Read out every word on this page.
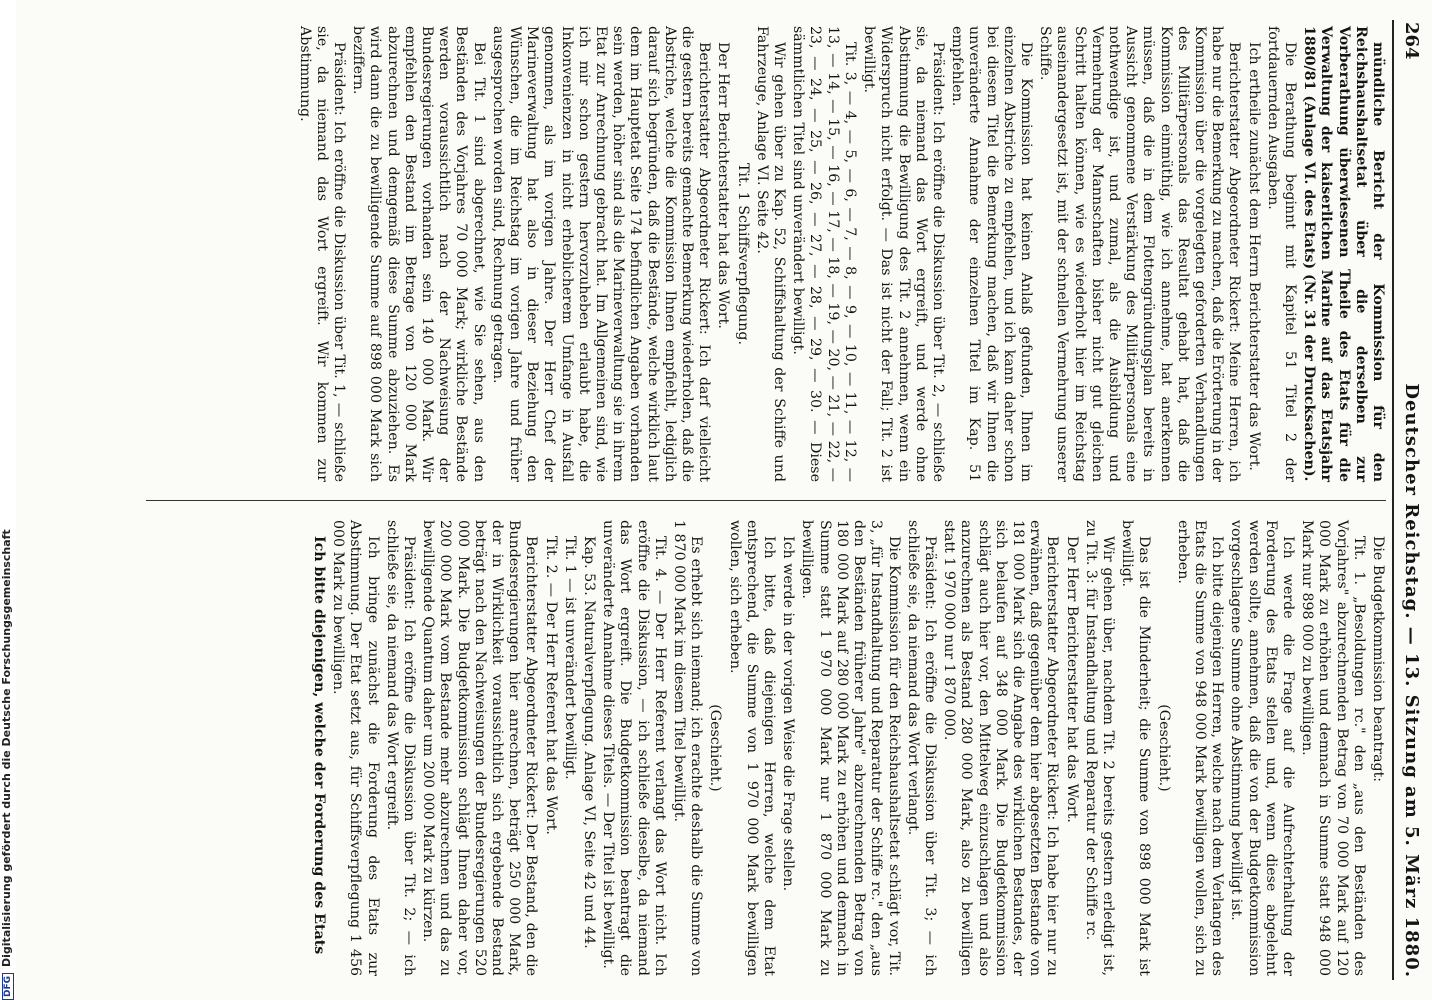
264
Deutscher Reichstag. — 13. Sitzung am 5. März 1880.

mündliche Bericht der Kommission für den Reichshaushaltsetat über die derselben zur Vorberathung überwiesenen Theile des Etats für die Verwaltung der kaiserlichen Marine auf das Etatsjahr 1880/81 (Anlage VI. des Etats) (Nr. 31 der Drucksachen).

Die Berathung beginnt mit Kapitel 51 Titel 2 der fortdauernden Ausgaben.

Ich ertheile zunächst dem Herrn Berichterstatter das Wort.

Berichterstatter Abgeordneter Rickert: Meine Herren, ich habe nur die Bemerkung zu machen, daß die Erörterung in der Kommission über die vorgelegten geforderten Verhandlungen des Militärpersonals das Resultat gehabt hat, daß die Kommission einmüthig, wie ich annehme, hat anerkennen müssen, daß die in dem Flottengründungsplan bereits in Aussicht genommene Verstärkung des Militärpersonals eine nothwendige ist, und zumal, als die Ausbildung und Vermehrung der Mannschaften bisher nicht gut gleichen Schritt halten können, wie es wiederholt hier im Reichstag auseinandergesetzt ist, mit der schnellen Vermehrung unserer Schiffe.

Die Kommission hat keinen Anlaß gefunden, Ihnen im einzelnen Abstriche zu empfehlen, und ich kann daher schon bei diesem Titel die Bemerkung machen, daß wir Ihnen die unveränderte Annahme der einzelnen Titel im Kap. 51 empfehlen.

Präsident: Ich eröffne die Diskussion über Tit. 2, — schließe sie, da niemand das Wort ergreift, und werde ohne Abstimmung die Bewilligung des Tit. 2 annehmen, wenn ein Widerspruch nicht erfolgt. — Das ist nicht der Fall; Tit. 2 ist bewilligt.

Tit. 3, — 4, — 5, — 6, — 7, — 8, — 9, — 10, — 11, — 12, — 13, — 14, — 15, — 16, — 17, — 18, — 19, — 20, — 21, — 22, — 23, — 24, — 25, — 26, — 27, — 28, — 29, — 30. — Diese sämmtlichen Titel sind unverändert bewilligt.

Wir gehen über zu Kap. 52, Schiffshaltung der Schiffe und Fahrzeuge, Anlage VI. Seite 42.

Tit. 1 Schiffsverpflegung.

Der Herr Berichterstatter hat das Wort.

Berichterstatter Abgeordneter Rickert: Ich darf vielleicht die gestern bereits gemachte Bemerkung wiederholen, daß die Abstriche, welche die Kommission Ihnen empfiehlt, lediglich darauf sich begründen, daß die Bestände, welche wirklich laut dem im Hauptetat Seite 174 befindlichen Angaben vorhanden sein werden, höher sind als die Marineverwaltung sie in ihrem Etat zur Anrechnung gebracht hat. Im Allgemeinen sind, wie ich mir schon gestern hervorzuheben erlaubt habe, die Inkonvenienzen in nicht erheblicherem Umfange in Ausfall genommen, als im vorigen Jahre. Der Herr Chef der Marineverwaltung hat also in dieser Beziehung den Wünschen, die im Reichstag im vorigen Jahre und früher ausgesprochen worden sind, Rechnung getragen.

Bei Tit. 1 sind abgerechnet, wie Sie sehen, aus den Beständen des Vorjahres 70 000 Mark; wirkliche Bestände werden voraussichtlich nach der Nachweisung der Bundesregierungen vorhanden sein 140 000 Mark. Wir empfehlen den Bestand im Betrage von 120 000 Mark abzurechnen und demgemäß diese Summe abzuziehen. Es wird dann die zu bewilligende Summe auf 898 000 Mark sich beziffern.

Präsident: Ich eröffne die Diskussion über Tit. 1, — schließe sie, da niemand das Wort ergreift. Wir kommen zur Abstimmung.

Die Budgetkommission beantragt:

Tit. 1. „Besoldungen rc." den „aus den Beständen des Vorjahres" abzurechnenden Betrag von 70 000 Mark auf 120 000 Mark zu erhöhen und demnach in Summe statt 948 000 Mark nur 898 000 zu bewilligen.

Ich werde die Frage auf die Aufrechterhaltung der Forderung des Etats stellen und, wenn diese abgelehnt werden sollte, annehmen, daß die von der Budgetkommission vorgeschlagene Summe ohne Abstimmung bewilligt ist.

Ich bitte diejenigen Herren, welche nach dem Verlangen des Etats die Summe von 948 000 Mark bewilligen wollen, sich zu erheben.

(Geschieht.)

Das ist die Minderheit; die Summe von 898 000 Mark ist bewilligt.

Wir gehen über, nachdem Tit. 2 bereits gestern erledigt ist, zu Tit. 3: für Instandhaltung und Reparatur der Schiffe rc.

Der Herr Berichterstatter hat das Wort.

Berichterstatter Abgeordneter Rickert: Ich habe hier nur zu erwähnen, daß gegenüber dem hier abgesetzten Bestande von 181 000 Mark sich die Angabe des wirklichen Bestandes, der sich belaufen auf 348 000 Mark. Die Budgetkommission schlägt auch hier vor, den Mittelweg einzuschlagen und also anzurechnen als Bestand 280 000 Mark, also zu bewilligen statt 1 970 000 nur 1 870 000.

Präsident: Ich eröffne die Diskussion über Tit. 3; — ich schließe sie, da niemand das Wort verlangt.

Die Kommission für den Reichshaushaltsetat schlägt vor, Tit. 3, „für Instandhaltung und Reparatur der Schiffe rc." den „aus den Beständen früherer Jahre" abzurechnenden Betrag von 180 000 Mark auf 280 000 Mark zu erhöhen und demnach in Summe statt 1 970 000 Mark nur 1 870 000 Mark zu bewilligen.

Ich werde in der vorigen Weise die Frage stellen.

Ich bitte, daß diejenigen Herren, welche dem Etat entsprechend, die Summe von 1 970 000 Mark bewilligen wollen, sich erheben.

(Geschieht.)

Es erhebt sich niemand; ich erachte deshalb die Summe von 1 870 000 Mark im diesem Titel bewilligt.

Tit. 4. — Der Herr Referent verlangt das Wort nicht. Ich eröffne die Diskussion, — ich schließe dieselbe, da niemand das Wort ergreift. Die Budgetkommission beantragt die unveränderte Annahme dieses Titels. — Der Titel ist bewilligt.

Kap. 53. Naturalverpflegung. Anlage VI, Seite 42 und 44.

Tit. 1 — ist unverändert bewilligt.

Tit. 2. — Der Herr Referent hat das Wort.

Berichterstatter Abgeordneter Rickert: Der Bestand, den die Bundesregierungen hier anrechnen, beträgt 250 000 Mark, der in Wirklichkeit voraussichtlich sich ergebende Bestand beträgt nach den Nachweisungen der Bundesregierungen 520 000 Mark. Die Budgetkommission schlägt Ihnen daher vor, 200 000 Mark vom Bestande mehr abzurechnen und das zu bewilligende Quantum daher um 200 000 Mark zu kürzen.

Präsident: Ich eröffne die Diskussion über Tit. 2; — ich schließe sie, da niemand das Wort ergreift.

Ich bringe zunächst die Forderung des Etats zur Abstimmung. Der Etat setzt aus, für Schiffsverpflegung 1 456 000 Mark zu bewilligen.

Ich bitte diejenigen, welche der Forderung des Etats

DFGDigitalisierung gefördert durch die Deutsche Forschungsgemeinschaft
